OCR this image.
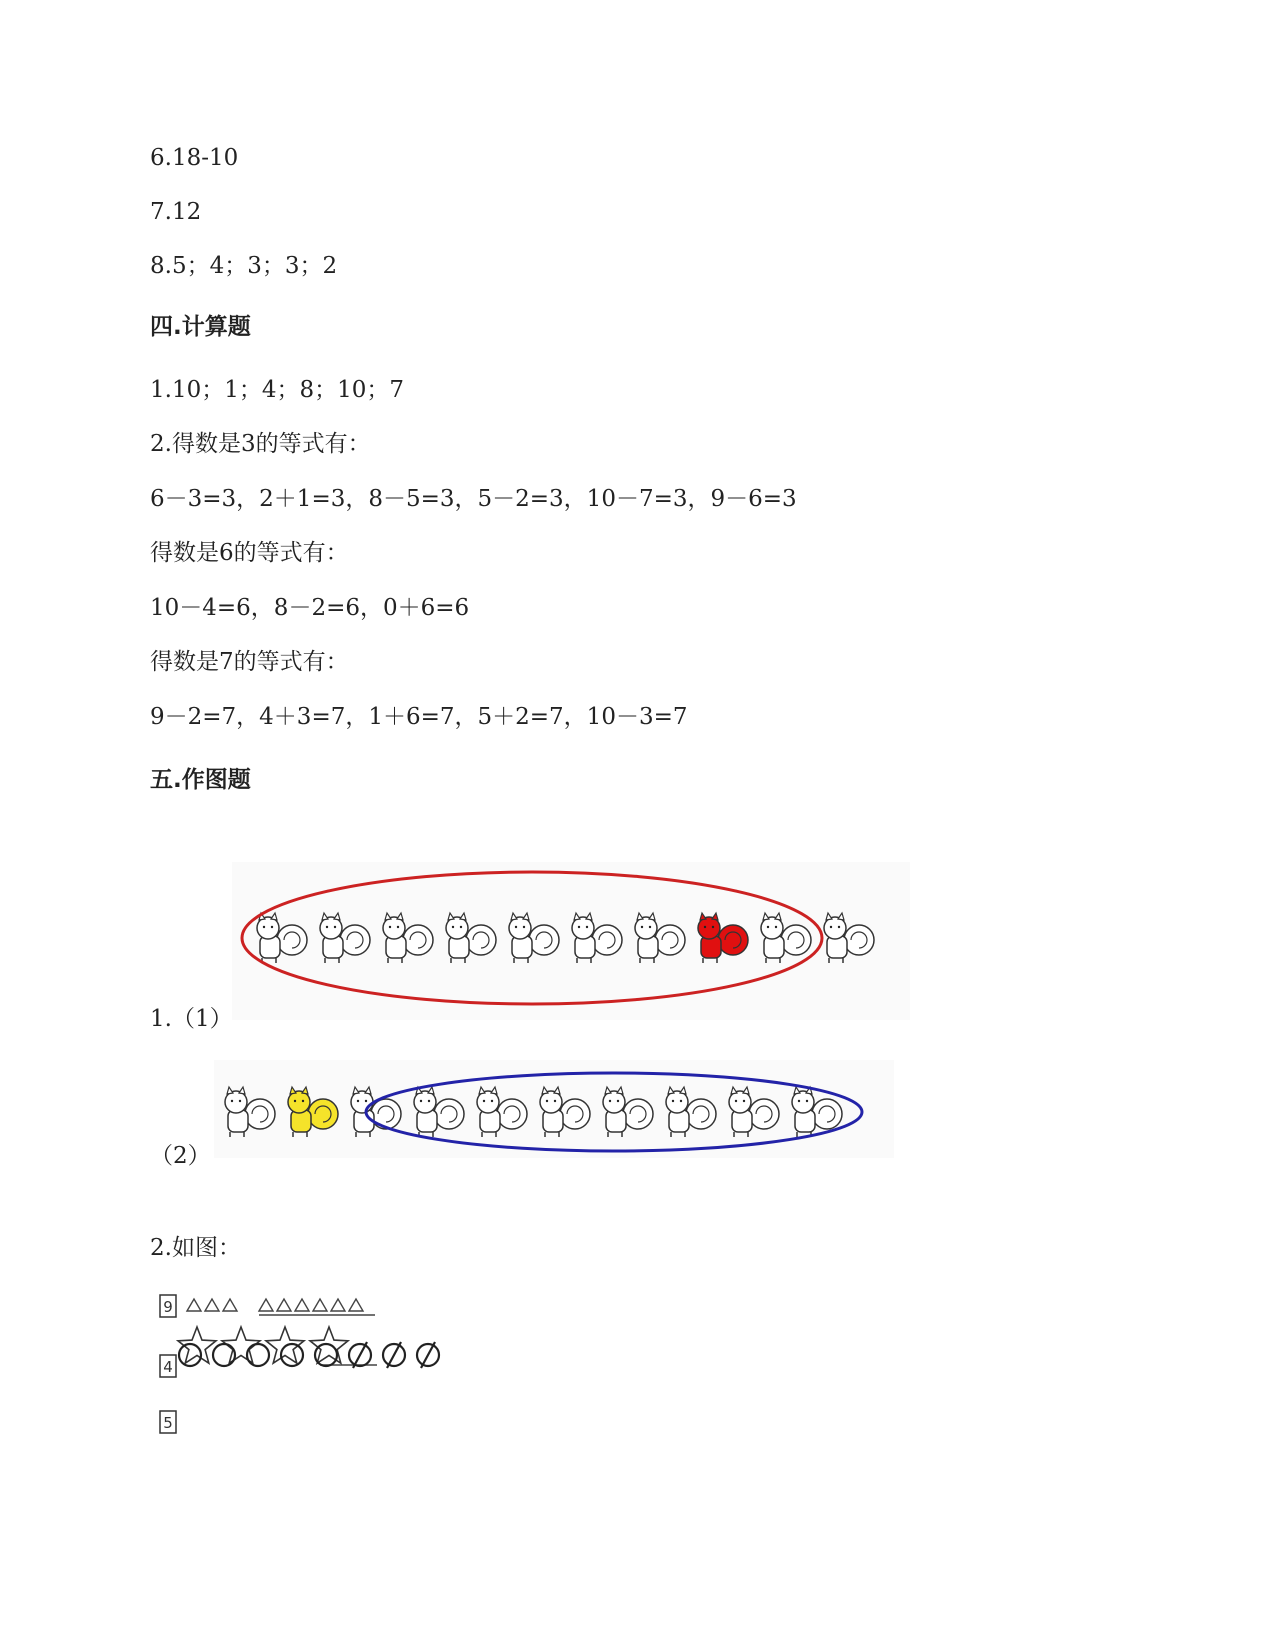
6.18-10
7.12
8.5；4；3；3；2
四.计算题
1.10；1；4；8；10；7
2.得数是3的等式有：
6－3=3，2＋1=3，8－5=3，5－2=3，10－7=3，9－6=3
得数是6的等式有：
10－4=6，8－2=6，0＋6=6
得数是7的等式有：
9－2=7，4＋3=7，1＋6=7，5＋2=7，10－3=7
五.作图题
1.（1）
（2）
2.如图：
9
4
5
